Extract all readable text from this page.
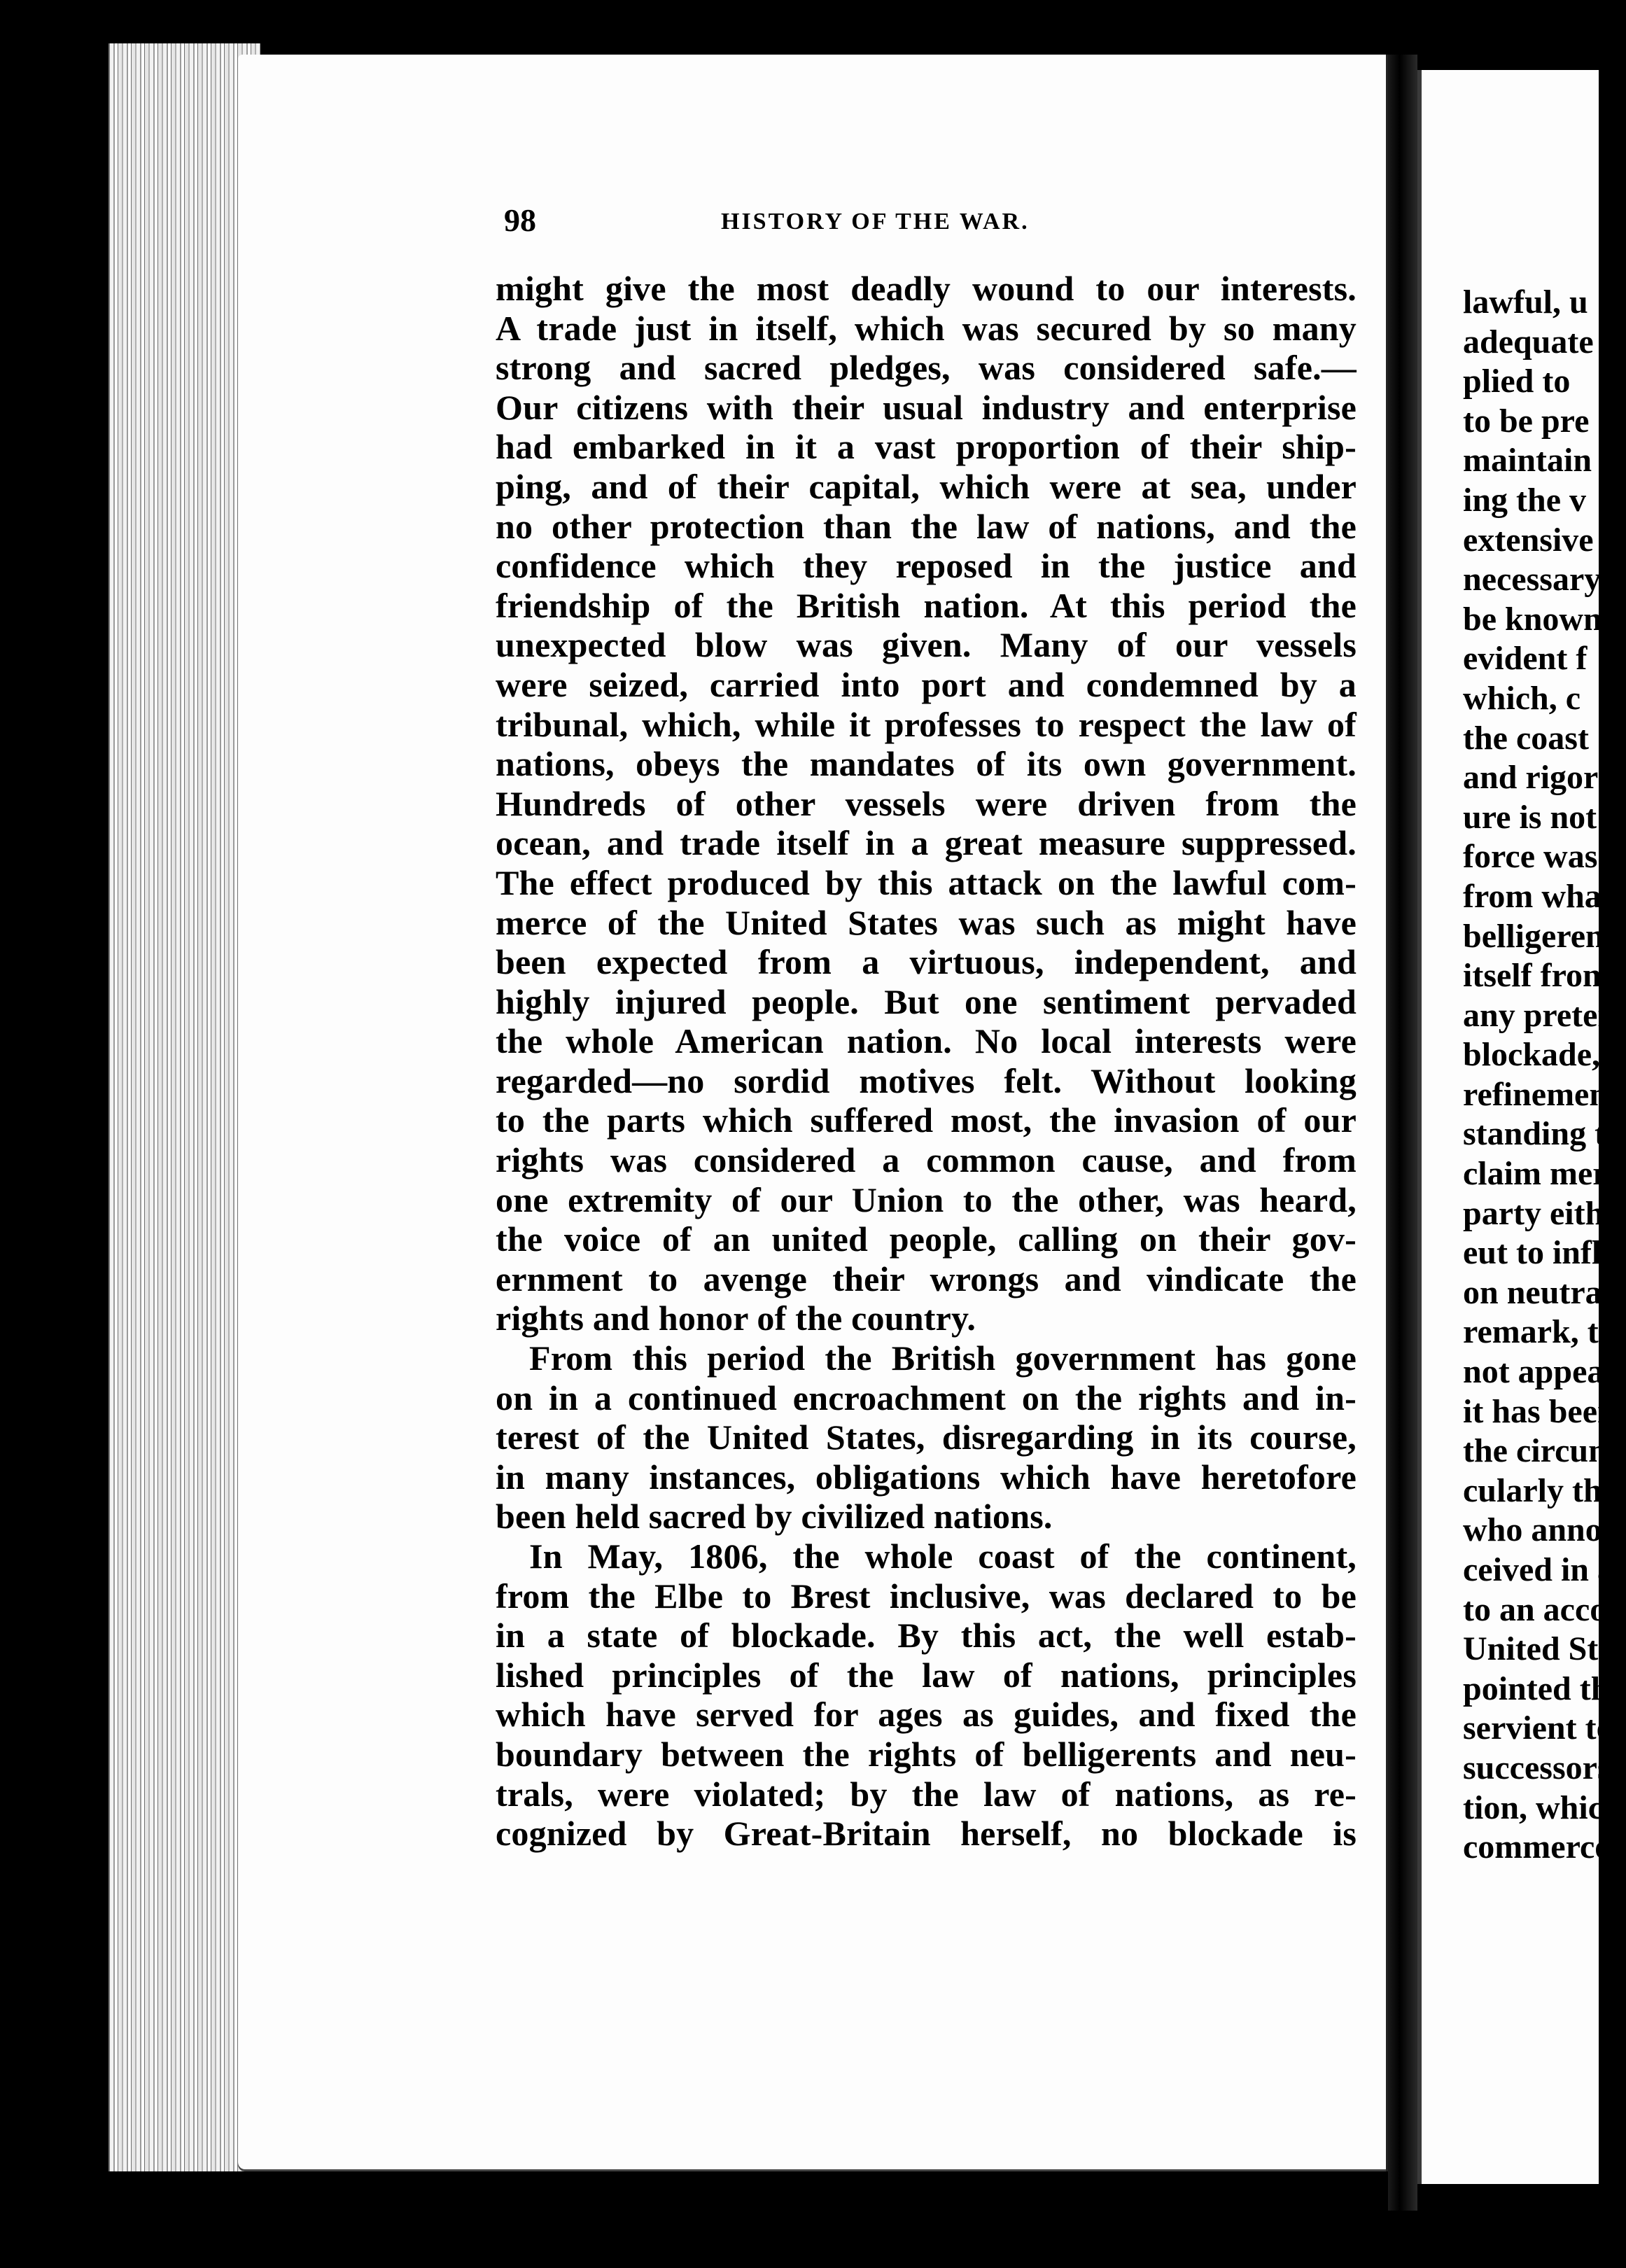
98	HISTORY OF THE WAR.
might give the most deadly wound to our interests.
A trade just in itself, which was secured by so many
strong and sacred pledges, was considered safe.—
Our citizens with their usual industry and enterprise
had embarked in it a vast proportion of their ship-
ping, and of their capital, which were at sea, under
no other protection than the law of nations, and the
confidence which they reposed in the justice and
friendship of the British nation. At this period the
unexpected blow was given. Many of our vessels
were seized, carried into port and condemned by a
tribunal, which, while it professes to respect the law of
nations, obeys the mandates of its own government.
Hundreds of other vessels were driven from the
ocean, and trade itself in a great measure suppressed.
The effect produced by this attack on the lawful com-
merce of the United States was such as might have
been expected from a virtuous, independent, and
highly injured people. But one sentiment pervaded
the whole American nation. No local interests were
regarded—no sordid motives felt. Without looking
to the parts which suffered most, the invasion of our
rights was considered a common cause, and from
one extremity of our Union to the other, was heard,
the voice of an united people, calling on their gov-
ernment to avenge their wrongs and vindicate the
rights and honor of the country.
From this period the British government has gone
on in a continued encroachment on the rights and in-
terest of the United States, disregarding in its course,
in many instances, obligations which have heretofore
been held sacred by civilized nations.
In May, 1806, the whole coast of the continent,
from the Elbe to Brest inclusive, was declared to be
in a state of blockade. By this act, the well estab-
lished principles of the law of nations, principles
which have served for ages as guides, and fixed the
boundary between the rights of belligerents and neu-
trals, were violated; by the law of nations, as re-
cognized by Great-Britain herself, no blockade is
lawful, u
adequate
plied to
to be pre
maintain
ing the v
extensive
necessary
be known
evident f
which, c
the coast
and rigor
ure is not
force was
from wha
belligeren
itself fron
any preter
blockade,
refinemen
standing t
claim mer
party eithe
eut to infla
on neutral
remark, th
not appear
it has been
the circum
cularly the
who annou
ceived in a
to an accor
United Sta
pointed tha
servient to
successors
tion, which
commerce.
